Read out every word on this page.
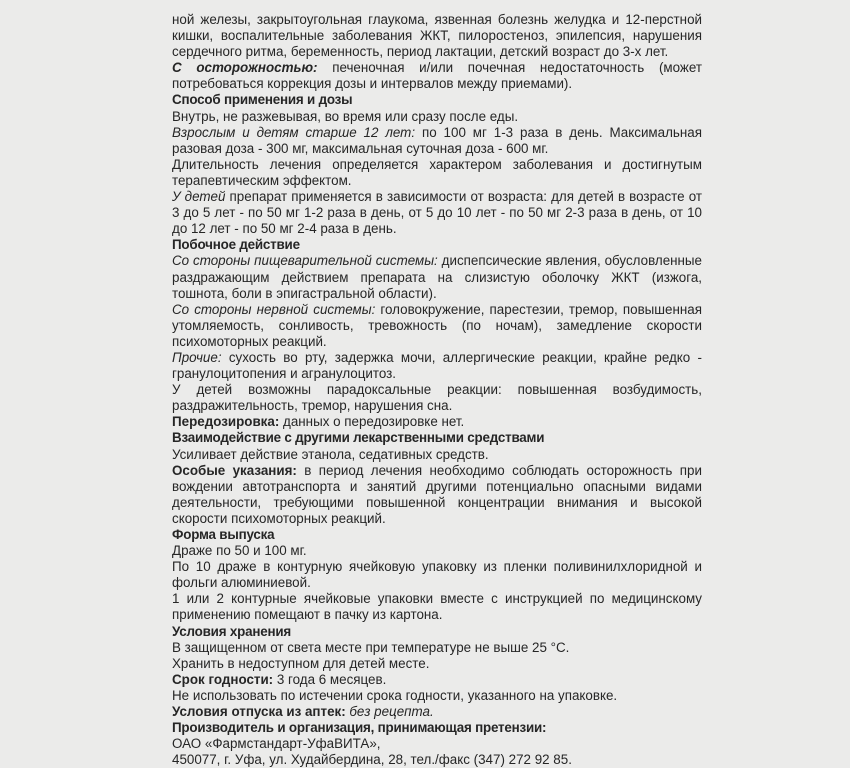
ной железы, закрытоугольная глаукома, язвенная болезнь желудка и 12-перстной кишки, воспалительные заболевания ЖКТ, пилоростеноз, эпилепсия, нарушения сердечного ритма, беременность, период лактации, детский возраст до 3-х лет.

С осторожностью: печеночная и/или почечная недостаточность (может потребоваться коррекция дозы и интервалов между приемами).

Способ применения и дозы

Внутрь, не разжевывая, во время или сразу после еды.

Взрослым и детям старше 12 лет: по 100 мг 1-3 раза в день. Максимальная разовая доза - 300 мг, максимальная суточная доза - 600 мг.

Длительность лечения определяется характером заболевания и достигнутым терапевтическим эффектом.

У детей препарат применяется в зависимости от возраста: для детей в возрасте от 3 до 5 лет - по 50 мг 1-2 раза в день, от 5 до 10 лет - по 50 мг 2-3 раза в день, от 10 до 12 лет - по 50 мг 2-4 раза в день.

Побочное действие

Со стороны пищеварительной системы: диспепсические явления, обусловленные раздражающим действием препарата на слизистую оболочку ЖКТ (изжога, тошнота, боли в эпигастральной области).

Со стороны нервной системы: головокружение, парестезии, тремор, повышенная утомляемость, сонливость, тревожность (по ночам), замедление скорости психомоторных реакций.

Прочие: сухость во рту, задержка мочи, аллергические реакции, крайне редко - гранулоцитопения и агранулоцитоз.

У детей возможны парадоксальные реакции: повышенная возбудимость, раздражительность, тремор, нарушения сна.

Передозировка: данных о передозировке нет.

Взаимодействие с другими лекарственными средствами

Усиливает действие этанола, седативных средств.

Особые указания: в период лечения необходимо соблюдать осторожность при вождении автотранспорта и занятий другими потенциально опасными видами деятельности, требующими повышенной концентрации внимания и высокой скорости психомоторных реакций.

Форма выпуска

Драже по 50 и 100 мг.

По 10 драже в контурную ячейковую упаковку из пленки поливинилхлоридной и фольги алюминиевой.

1 или 2 контурные ячейковые упаковки вместе с инструкцией по медицинскому применению помещают в пачку из картона.

Условия хранения

В защищенном от света месте при температуре не выше 25 °С.

Хранить в недоступном для детей месте.

Срок годности: 3 года 6 месяцев.

Не использовать по истечении срока годности, указанного на упаковке.

Условия отпуска из аптек: без рецепта.

Производитель и организация, принимающая претензии:

ОАО «Фармстандарт-УфаВИТА»,

450077, г. Уфа, ул. Худайбердина, 28, тел./факс (347) 272 92 85.
